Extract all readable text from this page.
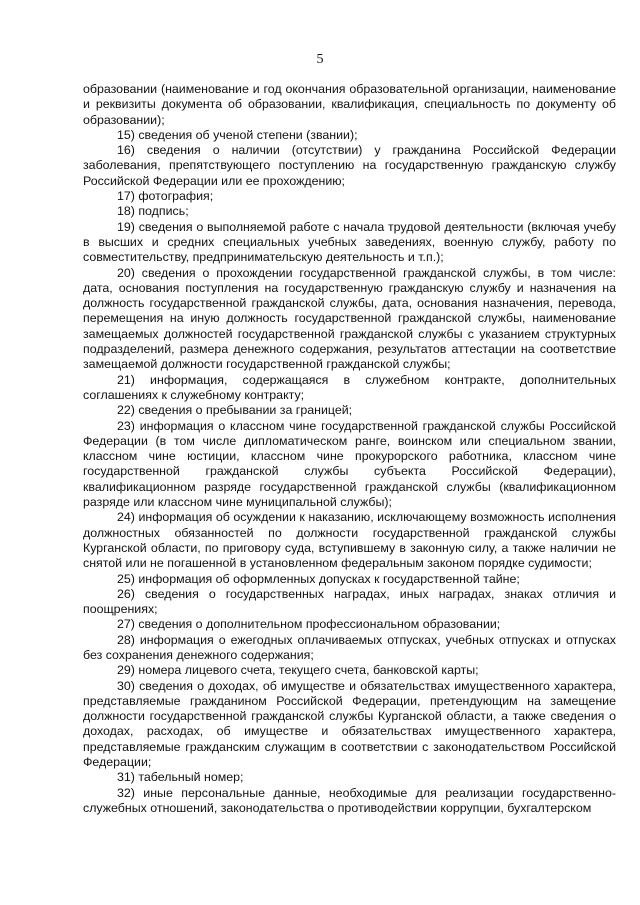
5

образовании (наименование и год окончания образовательной организации, наименование и реквизиты документа об образовании, квалификация, специальность по документу об образовании);

15) сведения об ученой степени (звании);

16) сведения о наличии (отсутствии) у гражданина Российской Федерации заболевания, препятствующего поступлению на государственную гражданскую службу Российской Федерации или ее прохождению;

17) фотография;

18) подпись;

19) сведения о выполняемой работе с начала трудовой деятельности (включая учебу в высших и средних специальных учебных заведениях, военную службу, работу по совместительству, предпринимательскую деятельность и т.п.);

20) сведения о прохождении государственной гражданской службы, в том числе: дата, основания поступления на государственную гражданскую службу и назначения на должность государственной гражданской службы, дата, основания назначения, перевода, перемещения на иную должность государственной гражданской службы, наименование замещаемых должностей государственной гражданской службы с указанием структурных подразделений, размера денежного содержания, результатов аттестации на соответствие замещаемой должности государственной гражданской службы;

21) информация, содержащаяся в служебном контракте, дополнительных соглашениях к служебному контракту;

22) сведения о пребывании за границей;

23) информация о классном чине государственной гражданской службы Российской Федерации (в том числе дипломатическом ранге, воинском или специальном звании, классном чине юстиции, классном чине прокурорского работника, классном чине государственной гражданской службы субъекта Российской Федерации), квалификационном разряде государственной гражданской службы (квалификационном разряде или классном чине муниципальной службы);

24) информация об осуждении к наказанию, исключающему возможность исполнения должностных обязанностей по должности государственной гражданской службы Курганской области, по приговору суда, вступившему в законную силу, а также наличии не снятой или не погашенной в установленном федеральным законом порядке судимости;

25) информация об оформленных допусках к государственной тайне;

26) сведения о государственных наградах, иных наградах, знаках отличия и поощрениях;

27) сведения о дополнительном профессиональном образовании;

28) информация о ежегодных оплачиваемых отпусках, учебных отпусках и отпусках без сохранения денежного содержания;

29) номера лицевого счета, текущего счета, банковской карты;

30) сведения о доходах, об имуществе и обязательствах имущественного характера, представляемые гражданином Российской Федерации, претендующим на замещение должности государственной гражданской службы Курганской области, а также сведения о доходах, расходах, об имуществе и обязательствах имущественного характера, представляемые гражданским служащим в соответствии с законодательством Российской Федерации;

31) табельный номер;

32) иные персональные данные, необходимые для реализации государственно-служебных отношений, законодательства о противодействии коррупции, бухгалтерском
